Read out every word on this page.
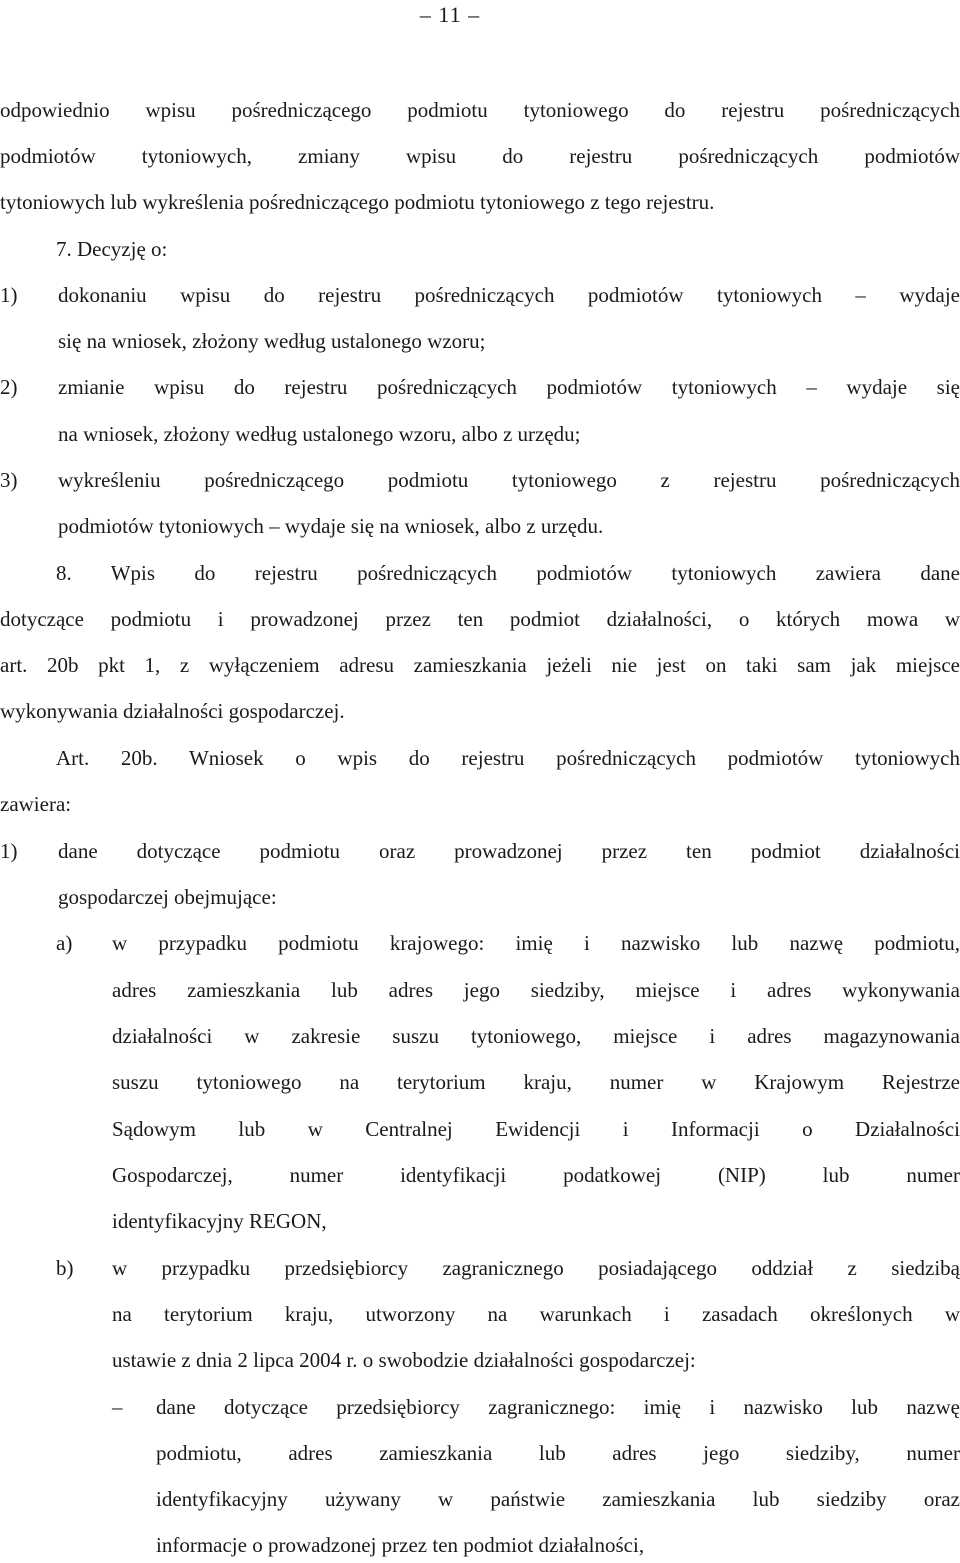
– 11 –
odpowiednio wpisu pośredniczącego podmiotu tytoniowego do rejestru pośredniczących
podmiotów tytoniowych, zmiany wpisu do rejestru pośredniczących podmiotów
tytoniowych lub wykreślenia pośredniczącego podmiotu tytoniowego z tego rejestru.
7. Decyzję o:
1)	dokonaniu wpisu do rejestru pośredniczących podmiotów tytoniowych – wydaje
się na wniosek, złożony według ustalonego wzoru;
2)	zmianie wpisu do rejestru pośredniczących podmiotów tytoniowych – wydaje się
na wniosek, złożony według ustalonego wzoru, albo z urzędu;
3)	wykreśleniu pośredniczącego podmiotu tytoniowego z rejestru pośredniczących
podmiotów tytoniowych – wydaje się na wniosek, albo z urzędu.
8. Wpis do rejestru pośredniczących podmiotów tytoniowych zawiera dane
dotyczące podmiotu i prowadzonej przez ten podmiot działalności, o których mowa w
art. 20b pkt 1, z wyłączeniem adresu zamieszkania jeżeli nie jest on taki sam jak miejsce
wykonywania działalności gospodarczej.
Art. 20b. Wniosek o wpis do rejestru pośredniczących podmiotów tytoniowych
zawiera:
1)	dane dotyczące podmiotu oraz prowadzonej przez ten podmiot działalności
gospodarczej obejmujące:
a)	w przypadku podmiotu krajowego: imię i nazwisko lub nazwę podmiotu,
adres zamieszkania lub adres jego siedziby, miejsce i adres wykonywania
działalności w zakresie suszu tytoniowego, miejsce i adres magazynowania
suszu tytoniowego na terytorium kraju, numer w Krajowym Rejestrze
Sądowym lub w Centralnej Ewidencji i Informacji o Działalności
Gospodarczej, numer identyfikacji podatkowej (NIP) lub numer
identyfikacyjny REGON,
b)	w przypadku przedsiębiorcy zagranicznego posiadającego oddział z siedzibą
na terytorium kraju, utworzony na warunkach i zasadach określonych w
ustawie z dnia 2 lipca 2004 r. o swobodzie działalności gospodarczej:
–	dane dotyczące przedsiębiorcy zagranicznego: imię i nazwisko lub nazwę
podmiotu, adres zamieszkania lub adres jego siedziby, numer
identyfikacyjny używany w państwie zamieszkania lub siedziby oraz
informacje o prowadzonej przez ten podmiot działalności,
